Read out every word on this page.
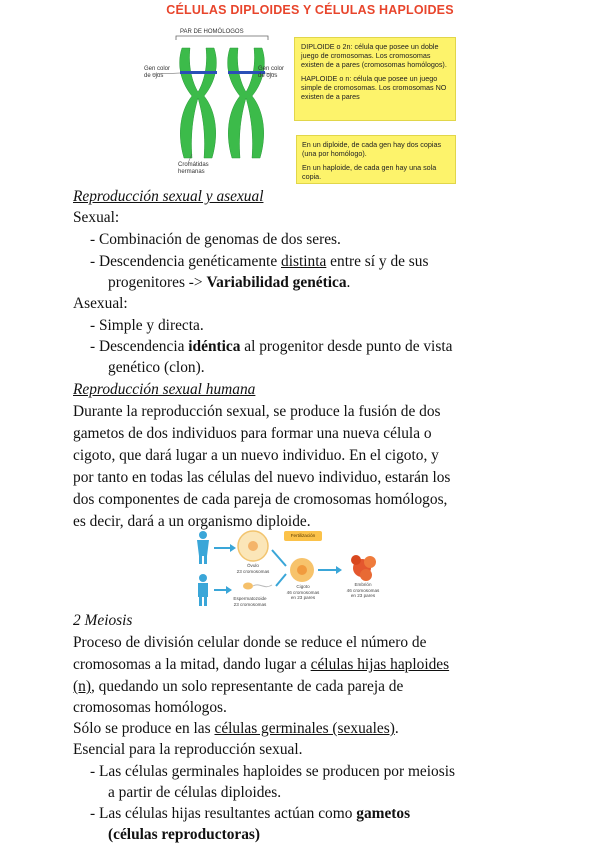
CÉLULAS DIPLOIDES Y CÉLULAS HAPLOIDES
PAR DE HOMÓLOGOS
Gen color de ojos
Gen color de ojos
Cromátidas hermanas

DIPLOIDE o 2n: célula que posee un doble juego de cromosomas. Los cromosomas existen de a pares (cromosomas homólogos).

HAPLOIDE o n: célula que posee un juego simple de cromosomas. Los cromosomas NO existen de a pares

En un diploide, de cada gen hay dos copias (una por homólogo).

En un haploide, de cada gen hay una sola copia.

Reproducción sexual y asexual
Sexual:
- Combinación de genomas de dos seres.
- Descendencia genéticamente distinta entre sí y de sus
progenitores -> Variabilidad genética.
Asexual:
- Simple y directa.
- Descendencia idéntica al progenitor desde punto de vista
genético (clon).
Reproducción sexual humana
Durante la reproducción sexual, se produce la fusión de dos
gametos de dos individuos para formar una nueva célula o
cigoto, que dará lugar a un nuevo individuo. En el cigoto, y
por tanto en todas las células del nuevo individuo, estarán los
dos componentes de cada pareja de cromosomas homólogos,
es decir, dará a un organismo diploide.
Fertilización
Óvulo
23 cromosomas
Espermatozoide
23 cromosomas
Cigoto
46 cromosomas en 23 pares
Embrión
46 cromosomas en 23 pares
2 Meiosis
Proceso de división celular donde se reduce el número de
cromosomas a la mitad, dando lugar a células hijas haploides
(n), quedando un solo representante de cada pareja de
cromosomas homólogos.
Sólo se produce en las células germinales (sexuales).
Esencial para la reproducción sexual.
- Las células germinales haploides se producen por meiosis
a partir de células diploides.
- Las células hijas resultantes actúan como gametos
(células reproductoras)
